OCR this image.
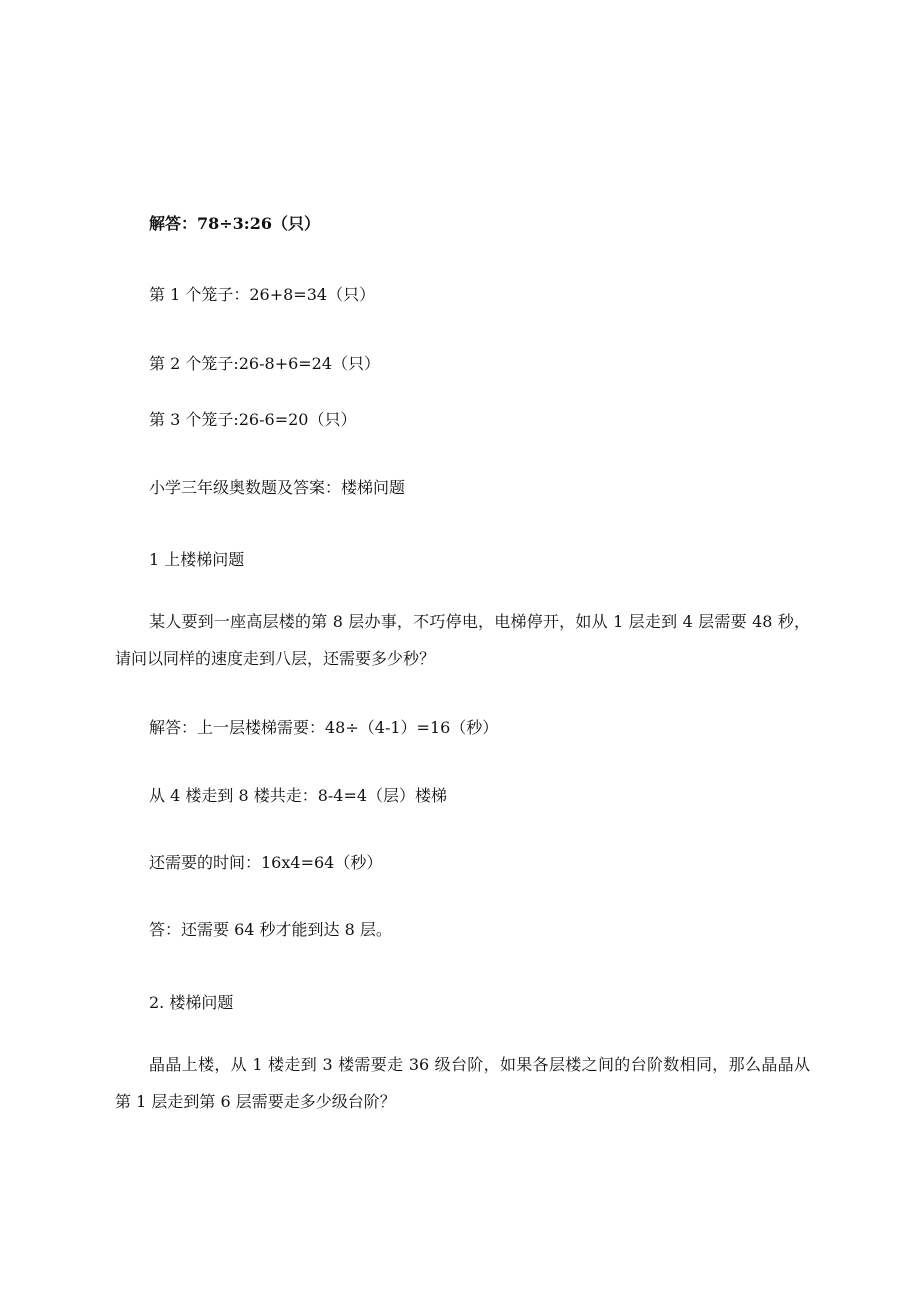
解答：78÷3:26（只）
第 1 个笼子：26+8=34（只）
第 2 个笼子:26-8+6=24（只）
第 3 个笼子:26-6=20（只）
小学三年级奥数题及答案：楼梯问题
1 上楼梯问题
某人要到一座高层楼的第 8 层办事，不巧停电，电梯停开，如从 1 层走到 4 层需要 48 秒，请问以同样的速度走到八层，还需要多少秒？
解答：上一层楼梯需要：48÷（4-1）=16（秒）
从 4 楼走到 8 楼共走：8-4=4（层）楼梯
还需要的时间：16x4=64（秒）
答：还需要 64 秒才能到达 8 层。
2. 楼梯问题
晶晶上楼，从 1 楼走到 3 楼需要走 36 级台阶，如果各层楼之间的台阶数相同，那么晶晶从第 1 层走到第 6 层需要走多少级台阶？
